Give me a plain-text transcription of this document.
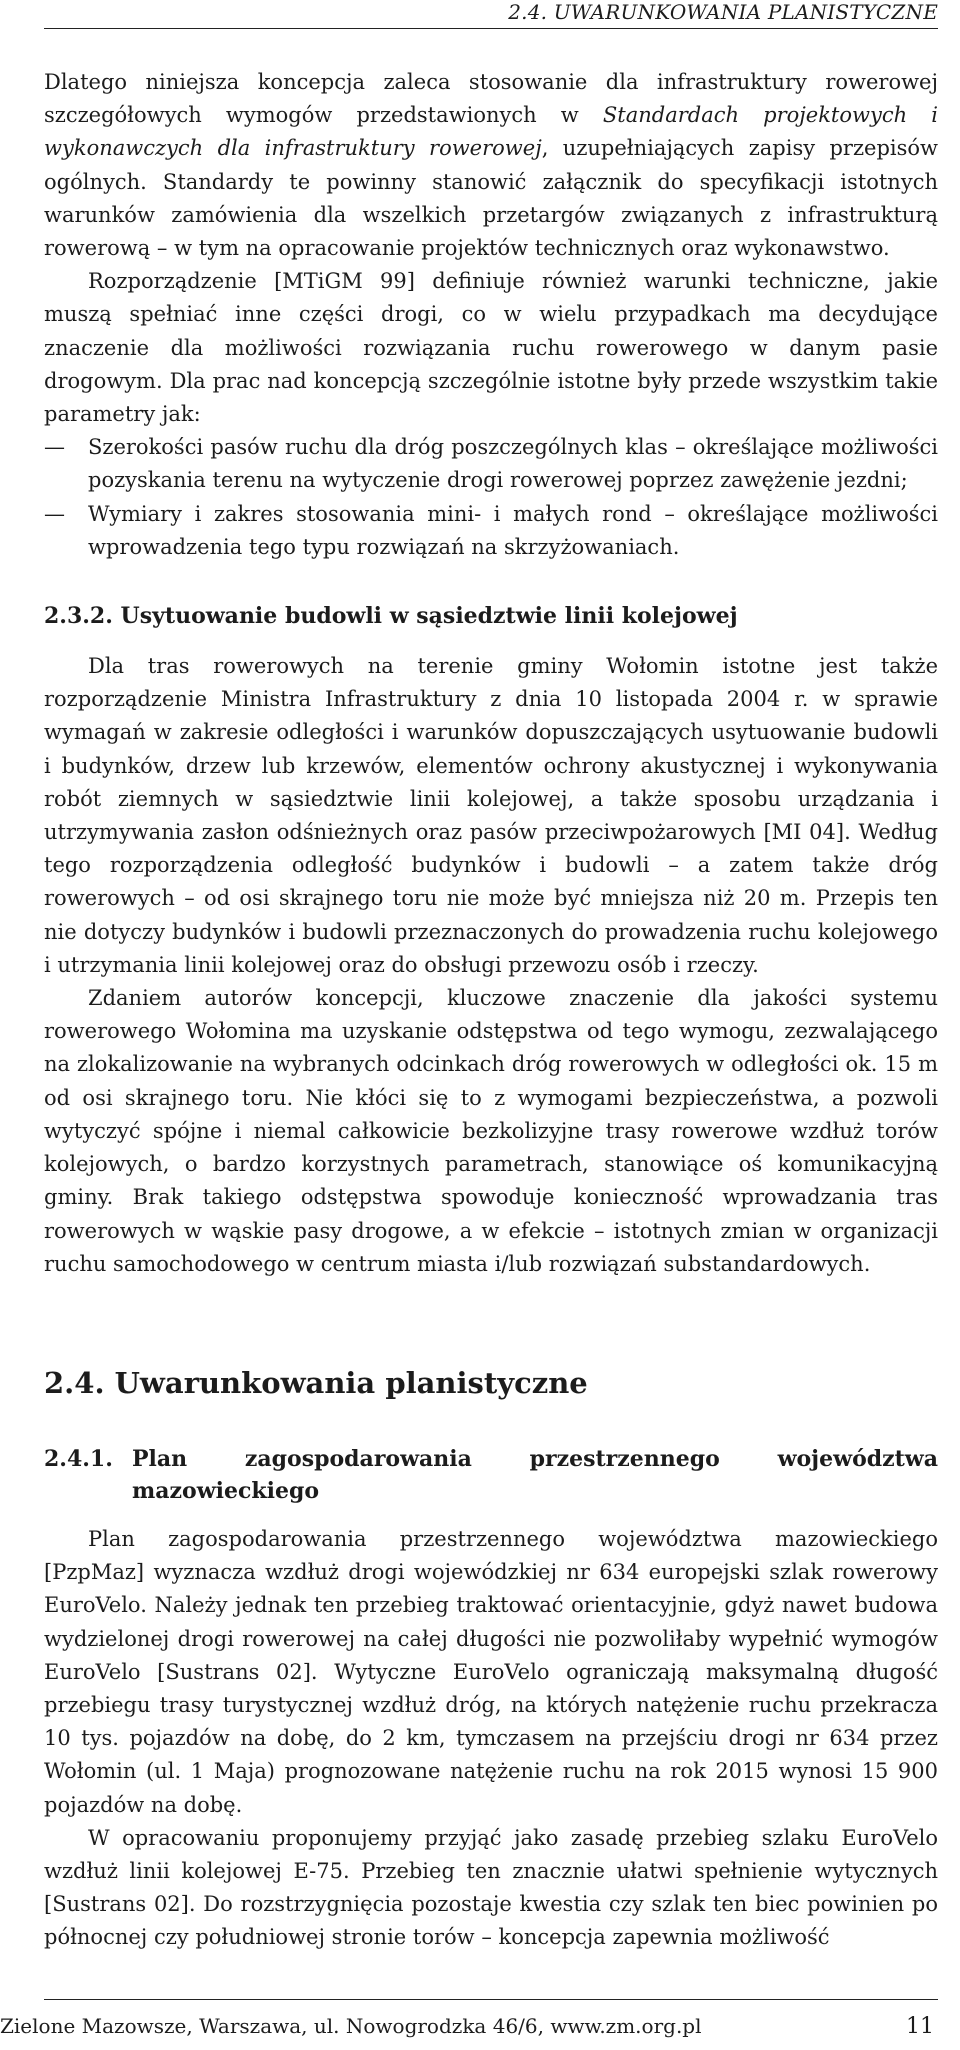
2.4. UWARUNKOWANIA PLANISTYCZNE

Dlatego niniejsza koncepcja zaleca stosowanie dla infrastruktury rowerowej szczegółowych wymogów przedstawionych w Standardach projektowych i wykonawczych dla infrastruktury rowerowej, uzupełniających zapisy przepisów ogólnych. Standardy te powinny stanowić załącznik do specyfikacji istotnych warunków zamówienia dla wszelkich przetargów związanych z infrastrukturą rowerową – w tym na opracowanie projektów technicznych oraz wykonawstwo.

Rozporządzenie [MTiGM 99] definiuje również warunki techniczne, jakie muszą spełniać inne części drogi, co w wielu przypadkach ma decydujące znaczenie dla możliwości rozwiązania ruchu rowerowego w danym pasie drogowym. Dla prac nad koncepcją szczególnie istotne były przede wszystkim takie parametry jak:

— Szerokości pasów ruchu dla dróg poszczególnych klas – określające możliwości pozyskania terenu na wytyczenie drogi rowerowej poprzez zawężenie jezdni;
— Wymiary i zakres stosowania mini- i małych rond – określające możliwości wprowadzenia tego typu rozwiązań na skrzyżowaniach.
2.3.2. Usytuowanie budowli w sąsiedztwie linii kolejowej

Dla tras rowerowych na terenie gminy Wołomin istotne jest także rozporządzenie Ministra Infrastruktury z dnia 10 listopada 2004 r. w sprawie wymagań w zakresie odległości i warunków dopuszczających usytuowanie budowli i budynków, drzew lub krzewów, elementów ochrony akustycznej i wykonywania robót ziemnych w sąsiedztwie linii kolejowej, a także sposobu urządzania i utrzymywania zasłon odśnieżnych oraz pasów przeciwpożarowych [MI 04]. Według tego rozporządzenia odległość budynków i budowli – a zatem także dróg rowerowych – od osi skrajnego toru nie może być mniejsza niż 20 m. Przepis ten nie dotyczy budynków i budowli przeznaczonych do prowadzenia ruchu kolejowego i utrzymania linii kolejowej oraz do obsługi przewozu osób i rzeczy.

Zdaniem autorów koncepcji, kluczowe znaczenie dla jakości systemu rowerowego Wołomina ma uzyskanie odstępstwa od tego wymogu, zezwalającego na zlokalizowanie na wybranych odcinkach dróg rowerowych w odległości ok. 15 m od osi skrajnego toru. Nie kłóci się to z wymogami bezpieczeństwa, a pozwoli wytyczyć spójne i niemal całkowicie bezkolizyjne trasy rowerowe wzdłuż torów kolejowych, o bardzo korzystnych parametrach, stanowiące oś komunikacyjną gminy. Brak takiego odstępstwa spowoduje konieczność wprowadzania tras rowerowych w wąskie pasy drogowe, a w efekcie – istotnych zmian w organizacji ruchu samochodowego w centrum miasta i/lub rozwiązań substandardowych.

2.4. Uwarunkowania planistyczne
2.4.1. Plan zagospodarowania przestrzennego województwa mazowieckiego

Plan zagospodarowania przestrzennego województwa mazowieckiego [PzpMaz] wyznacza wzdłuż drogi wojewódzkiej nr 634 europejski szlak rowerowy EuroVelo. Należy jednak ten przebieg traktować orientacyjnie, gdyż nawet budowa wydzielonej drogi rowerowej na całej długości nie pozwoliłaby wypełnić wymogów EuroVelo [Sustrans 02]. Wytyczne EuroVelo ograniczają maksymalną długość przebiegu trasy turystycznej wzdłuż dróg, na których natężenie ruchu przekracza 10 tys. pojazdów na dobę, do 2 km, tymczasem na przejściu drogi nr 634 przez Wołomin (ul. 1 Maja) prognozowane natężenie ruchu na rok 2015 wynosi 15 900 pojazdów na dobę.

W opracowaniu proponujemy przyjąć jako zasadę przebieg szlaku EuroVelo wzdłuż linii kolejowej E-75. Przebieg ten znacznie ułatwi spełnienie wytycznych [Sustrans 02]. Do rozstrzygnięcia pozostaje kwestia czy szlak ten biec powinien po północnej czy południowej stronie torów – koncepcja zapewnia możliwość

Zielone Mazowsze, Warszawa, ul. Nowogrodzka 46/6, www.zm.org.pl	11
